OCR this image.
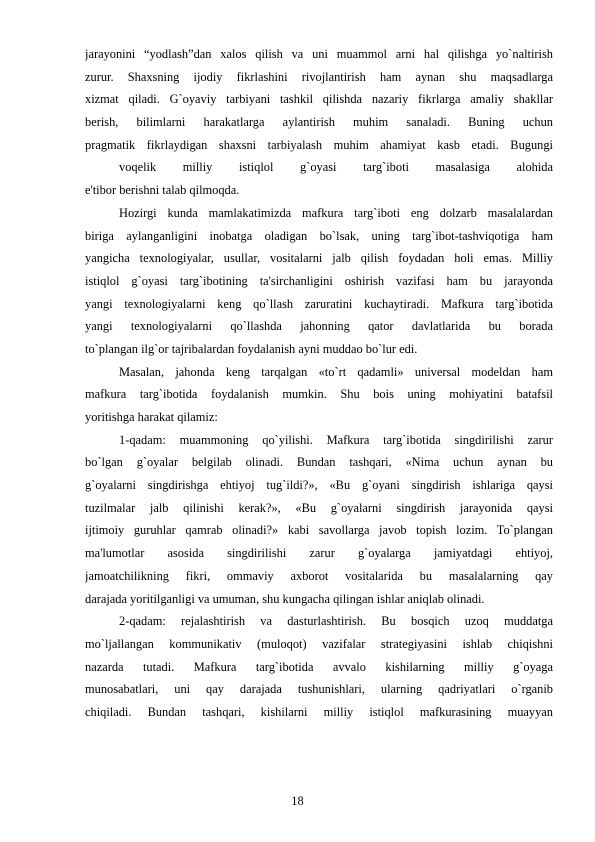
jarayonini “yodlash”dan xalos qilish va uni muammol arni hal qilishga yo`naltirish
zurur. Shaxsning ijodiy fikrlashini rivojlantirish ham aynan shu maqsadlarga
xizmat qiladi. G`oyaviy tarbiyani tashkil qilishda nazariy fikrlarga amaliy shakllar
berish, bilimlarni harakatlarga aylantirish muhim sanaladi. Buning uchun
pragmatik fikrlaydigan shaxsni tarbiyalash muhim ahamiyat kasb etadi. Bugungi
voqelik milliy istiqlol g`oyasi targ`iboti masalasiga alohida
e'tibor berishni talab qilmoqda.
Hozirgi kunda mamlakatimizda mafkura targ`iboti eng dolzarb masalalardan
biriga aylanganligini inobatga oladigan bo`lsak, uning targ`ibot-tashviqotiga ham
yangicha texnologiyalar, usullar, vositalarni jalb qilish foydadan holi emas. Milliy
istiqlol g`oyasi targ`ibotining ta'sirchanligini oshirish vazifasi ham bu jarayonda
yangi texnologiyalarni keng qo`llash zaruratini kuchaytiradi. Mafkura targ`ibotida
yangi texnologiyalarni qo`llashda jahonning qator davlatlarida bu borada
to`plangan ilg`or tajribalardan foydalanish ayni muddao bo`lur edi.
Masalan, jahonda keng tarqalgan «to`rt qadamli» universal modeldan ham
mafkura targ`ibotida foydalanish mumkin. Shu bois uning mohiyatini batafsil
yoritishga harakat qilamiz:
1-qadam: muammoning qo`yilishi. Mafkura targ`ibotida singdirilishi zarur
bo`lgan g`oyalar belgilab olinadi. Bundan tashqari, «Nima uchun aynan bu
g`oyalarni singdirishga ehtiyoj tug`ildi?», «Bu g`oyani singdirish ishlariga qaysi
tuzilmalar jalb qilinishi kerak?», «Bu g`oyalarni singdirish jarayonida qaysi
ijtimoiy guruhlar qamrab olinadi?» kabi savollarga javob topish lozim. To`plangan
ma'lumotlar asosida singdirilishi zarur g`oyalarga jamiyatdagi ehtiyoj,
jamoatchilikning fikri, ommaviy axborot vositalarida bu masalalarning qay
darajada yoritilganligi va umuman, shu kungacha qilingan ishlar aniqlab olinadi.
2-qadam: rejalashtirish va dasturlashtirish. Bu bosqich uzoq muddatga
mo`ljallangan kommunikativ (muloqot) vazifalar strategiyasini ishlab chiqishni
nazarda tutadi. Mafkura targ`ibotida avvalo kishilarning milliy g`oyaga
munosabatlari, uni qay darajada tushunishlari, ularning qadriyatlari o`rganib
chiqiladi. Bundan tashqari, kishilarni milliy istiqlol mafkurasining muayyan
18
